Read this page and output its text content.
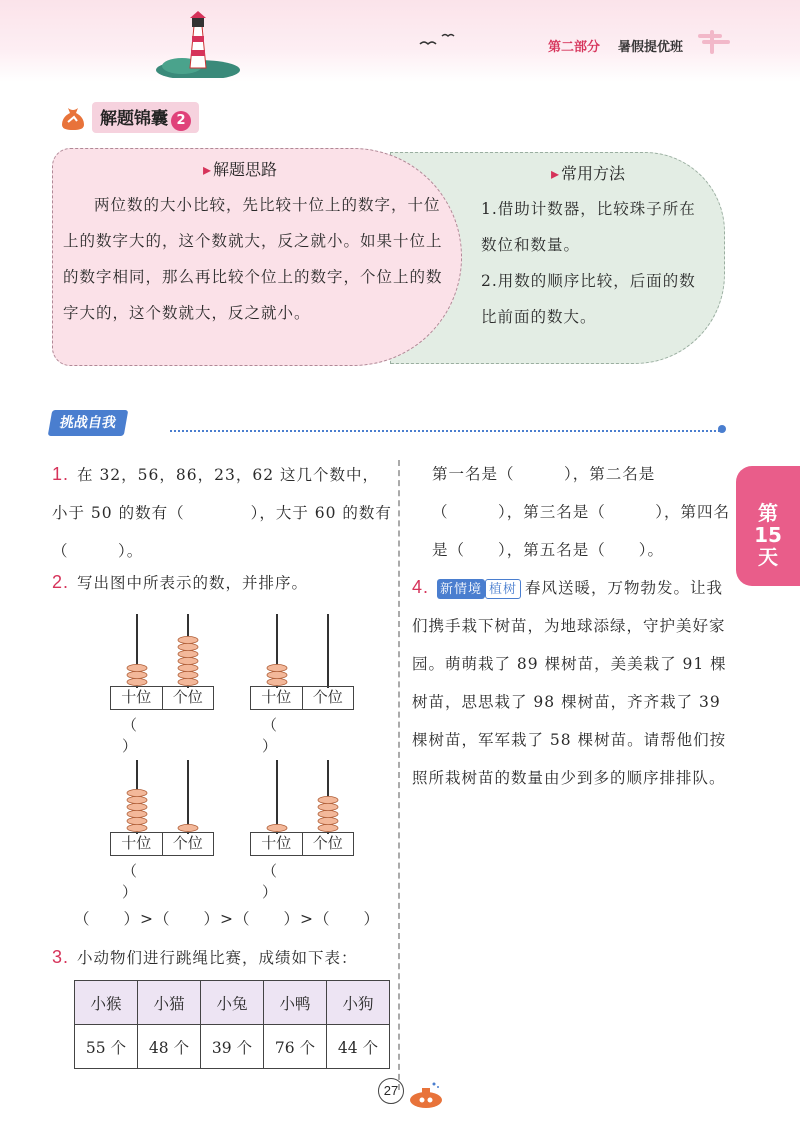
第二部分 暑假提优班
解题锦囊 2
▸ 常用方法

1.借助计数器，比较珠子所在数位和数量。

2.用数的顺序比较，后面的数比前面的数大。

▸ 解题思路
两位数的大小比较，先比较十位上的数字，十位上的数字大的，这个数就大，反之就小。如果十位上的数字相同，那么再比较个位上的数字，个位上的数字大的，这个数就大，反之就小。
挑战自我
1. 在 32，56，86，23，62 这几个数中，小于 50 的数有（　　　　），大于 60 的数有（　　　）。
2. 写出图中所表示的数，并排序。
十位	个位
（ ）
十位	个位
（ ）
十位	个位
（ ）
十位	个位
（ ）
（　　）>（　　）>（　　）>（　　）
3. 小动物们进行跳绳比赛，成绩如下表：
小猴	小猫	小兔	小鸭	小狗
55 个	48 个	39 个	76 个	44 个
第一名是（　　　），第二名是（　　　），第三名是（　　　），第四名是（　　），第五名是（　　）。
4. 新情境 植树 春风送暖，万物勃发。让我们携手栽下树苗，为地球添绿，守护美好家园。萌萌栽了 89 棵树苗，美美栽了 91 棵树苗，思思栽了 98 棵树苗，齐齐栽了 39 棵树苗，军军栽了 58 棵树苗。请帮他们按照所栽树苗的数量由少到多的顺序排排队。
第
15
天
27
